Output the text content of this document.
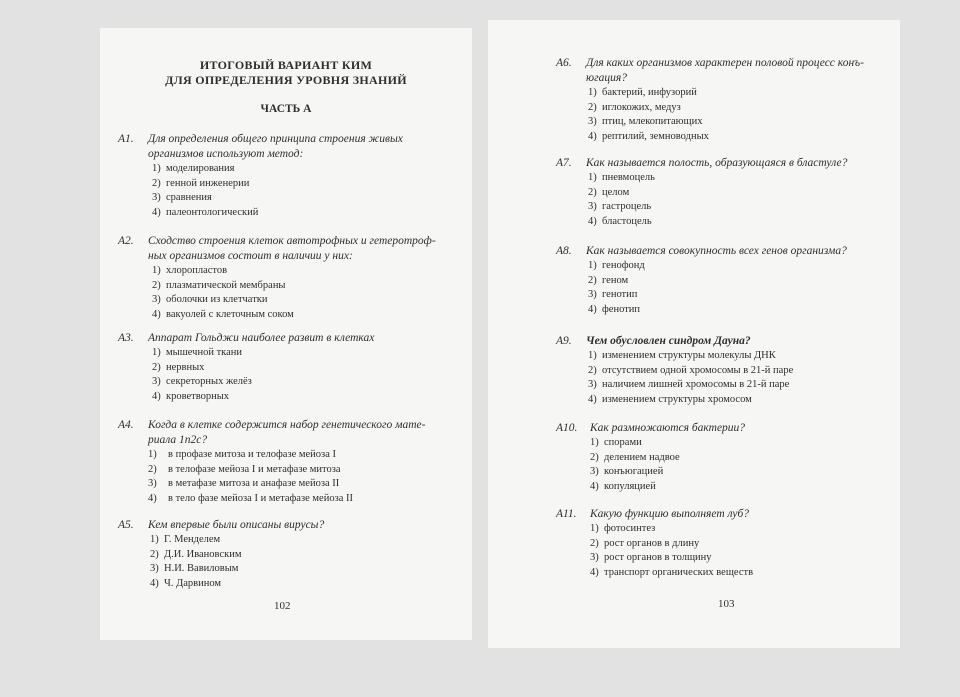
ИТОГОВЫЙ ВАРИАНТ КИМ
ДЛЯ ОПРЕДЕЛЕНИЯ УРОВНЯ ЗНАНИЙ
ЧАСТЬ А
А1. Для определения общего принципа строения живых
организмов используют метод:
1) моделирования
2) генной инженерии
3) сравнения
4) палеонтологический
А2. Сходство строения клеток автотрофных и гетеротроф-
ных организмов состоит в наличии у них:
1) хлоропластов
2) плазматической мембраны
3) оболочки из клетчатки
4) вакуолей с клеточным соком
А3. Аппарат Гольджи наиболее развит в клетках
1) мышечной ткани
2) нервных
3) секреторных желёз
4) кроветворных
А4. Когда в клетке содержится набор генетического мате-
риала 1n2c?
1) в профазе митоза и телофазе мейоза I
2) в телофазе мейоза I и метафазе митоза
3) в метафазе митоза и анафазе мейоза II
4) в тело фазе мейоза I и метафазе мейоза II
А5. Кем впервые были описаны вирусы?
1) Г. Менделем
2) Д.И. Ивановским
3) Н.И. Вавиловым
4) Ч. Дарвином
102
А6. Для каких организмов характерен половой процесс конъ-
югация?
1) бактерий, инфузорий
2) иглокожих, медуз
3) птиц, млекопитающих
4) рептилий, земноводных
А7. Как называется полость, образующаяся в бластуле?
1) пневмоцель
2) целом
3) гастроцель
4) бластоцель
А8. Как называется совокупность всех генов организма?
1) генофонд
2) геном
3) генотип
4) фенотип
А9. Чем обусловлен синдром Дауна?
1) изменением структуры молекулы ДНК
2) отсутствием одной хромосомы в 21-й паре
3) наличием лишней хромосомы в 21-й паре
4) изменением структуры хромосом
А10. Как размножаются бактерии?
1) спорами
2) делением надвое
3) конъюгацией
4) копуляцией
А11. Какую функцию выполняет луб?
1) фотосинтез
2) рост органов в длину
3) рост органов в толщину
4) транспорт органических веществ
103
